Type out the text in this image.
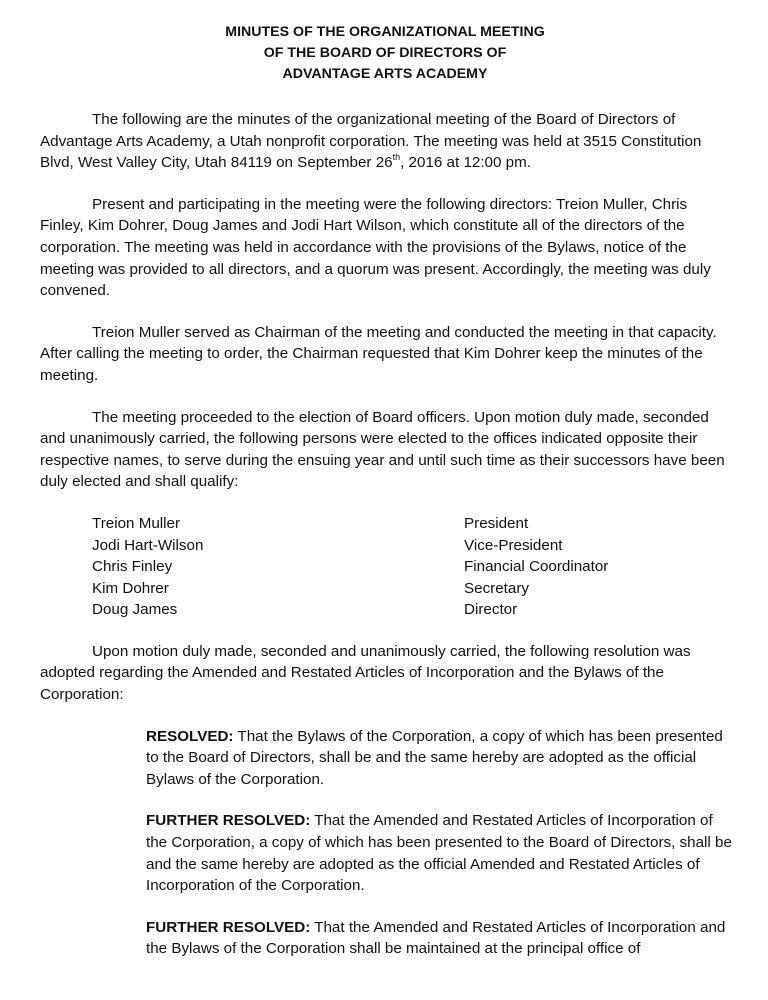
MINUTES OF THE ORGANIZATIONAL MEETING
OF THE BOARD OF DIRECTORS OF
ADVANTAGE ARTS ACADEMY

The following are the minutes of the organizational meeting of the Board of Directors of Advantage Arts Academy, a Utah nonprofit corporation. The meeting was held at 3515 Constitution Blvd, West Valley City, Utah 84119 on September 26th, 2016 at 12:00 pm.

Present and participating in the meeting were the following directors: Treion Muller, Chris Finley, Kim Dohrer, Doug James and Jodi Hart Wilson, which constitute all of the directors of the corporation. The meeting was held in accordance with the provisions of the Bylaws, notice of the meeting was provided to all directors, and a quorum was present. Accordingly, the meeting was duly convened.

Treion Muller served as Chairman of the meeting and conducted the meeting in that capacity. After calling the meeting to order, the Chairman requested that Kim Dohrer keep the minutes of the meeting.

The meeting proceeded to the election of Board officers. Upon motion duly made, seconded and unanimously carried, the following persons were elected to the offices indicated opposite their respective names, to serve during the ensuing year and until such time as their successors have been duly elected and shall qualify:

Treion Muller	President
Jodi Hart-Wilson	Vice-President
Chris Finley	Financial Coordinator
Kim Dohrer	Secretary
Doug James	Director

Upon motion duly made, seconded and unanimously carried, the following resolution was adopted regarding the Amended and Restated Articles of Incorporation and the Bylaws of the Corporation:

RESOLVED: That the Bylaws of the Corporation, a copy of which has been presented to the Board of Directors, shall be and the same hereby are adopted as the official Bylaws of the Corporation.

FURTHER RESOLVED: That the Amended and Restated Articles of Incorporation of the Corporation, a copy of which has been presented to the Board of Directors, shall be and the same hereby are adopted as the official Amended and Restated Articles of Incorporation of the Corporation.

FURTHER RESOLVED: That the Amended and Restated Articles of Incorporation and the Bylaws of the Corporation shall be maintained at the principal office of
